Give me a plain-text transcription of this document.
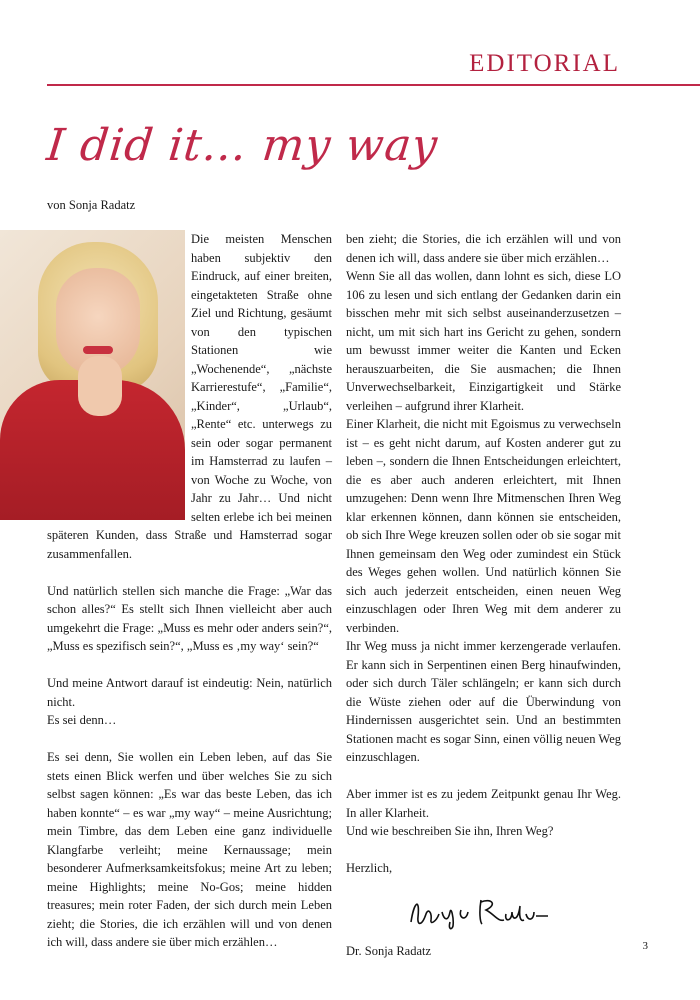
EDITORIAL
I did it… my way
von Sonja Radatz

Die meisten Menschen haben subjektiv den Eindruck, auf einer breiten, eingetakteten Straße ohne Ziel und Richtung, gesäumt von den typischen Stationen wie „Wochenende“, „nächste Karrierestufe“, „Familie“, „Kinder“, „Urlaub“, „Rente“ etc. unterwegs zu sein oder sogar permanent im Hamsterrad zu laufen – von Woche zu Woche, von Jahr zu Jahr… Und nicht selten erlebe ich bei meinen späteren Kunden, dass Straße und Hamsterrad sogar zusammenfallen.

Und natürlich stellen sich manche die Frage: „War das schon alles?“ Es stellt sich Ihnen vielleicht aber auch umgekehrt die Frage: „Muss es mehr oder anders sein?“, „Muss es spezifisch sein?“, „Muss es ‚my way‘ sein?“

Und meine Antwort darauf ist eindeutig: Nein, natürlich nicht.

Es sei denn…

Es sei denn, Sie wollen ein Leben leben, auf das Sie stets einen Blick werfen und über welches Sie zu sich selbst sagen können: „Es war das beste Leben, das ich haben konnte“ – es war „my way“ – meine Ausrichtung; mein Timbre, das dem Leben eine ganz individuelle Klangfarbe verleiht; meine Kernaussage; mein besonderer Aufmerksamkeitsfokus; meine Art zu leben; meine Highlights; meine No-Gos; meine hidden treasures; mein roter Faden, der sich durch mein Leben zieht; die Stories, die ich erzählen will und von denen ich will, dass andere sie über mich erzählen…

ben zieht; die Stories, die ich erzählen will und von denen ich will, dass andere sie über mich erzählen…

Wenn Sie all das wollen, dann lohnt es sich, diese LO 106 zu lesen und sich entlang der Gedanken darin ein bisschen mehr mit sich selbst auseinanderzusetzen – nicht, um mit sich hart ins Gericht zu gehen, sondern um bewusst immer weiter die Kanten und Ecken herauszuarbeiten, die Sie ausmachen; die Ihnen Unverwechselbarkeit, Einzigartigkeit und Stärke verleihen – aufgrund ihrer Klarheit.

Einer Klarheit, die nicht mit Egoismus zu verwechseln ist – es geht nicht darum, auf Kosten anderer gut zu leben –, sondern die Ihnen Entscheidungen erleichtert, die es aber auch anderen erleichtert, mit Ihnen umzugehen: Denn wenn Ihre Mitmenschen Ihren Weg klar erkennen können, dann können sie entscheiden, ob sich Ihre Wege kreuzen sollen oder ob sie sogar mit Ihnen gemeinsam den Weg oder zumindest ein Stück des Weges gehen wollen. Und natürlich können Sie sich auch jederzeit entscheiden, einen neuen Weg einzuschlagen oder Ihren Weg mit dem anderer zu verbinden.

Ihr Weg muss ja nicht immer kerzengerade verlaufen. Er kann sich in Serpentinen einen Berg hinaufwinden, oder sich durch Täler schlängeln; er kann sich durch die Wüste ziehen oder auf die Überwindung von Hindernissen ausgerichtet sein. Und an bestimmten Stationen macht es sogar Sinn, einen völlig neuen Weg einzuschlagen.

Aber immer ist es zu jedem Zeitpunkt genau Ihr Weg. In aller Klarheit.

Und wie beschreiben Sie ihn, Ihren Weg?

Herzlich,

Dr. Sonja Radatz	3
